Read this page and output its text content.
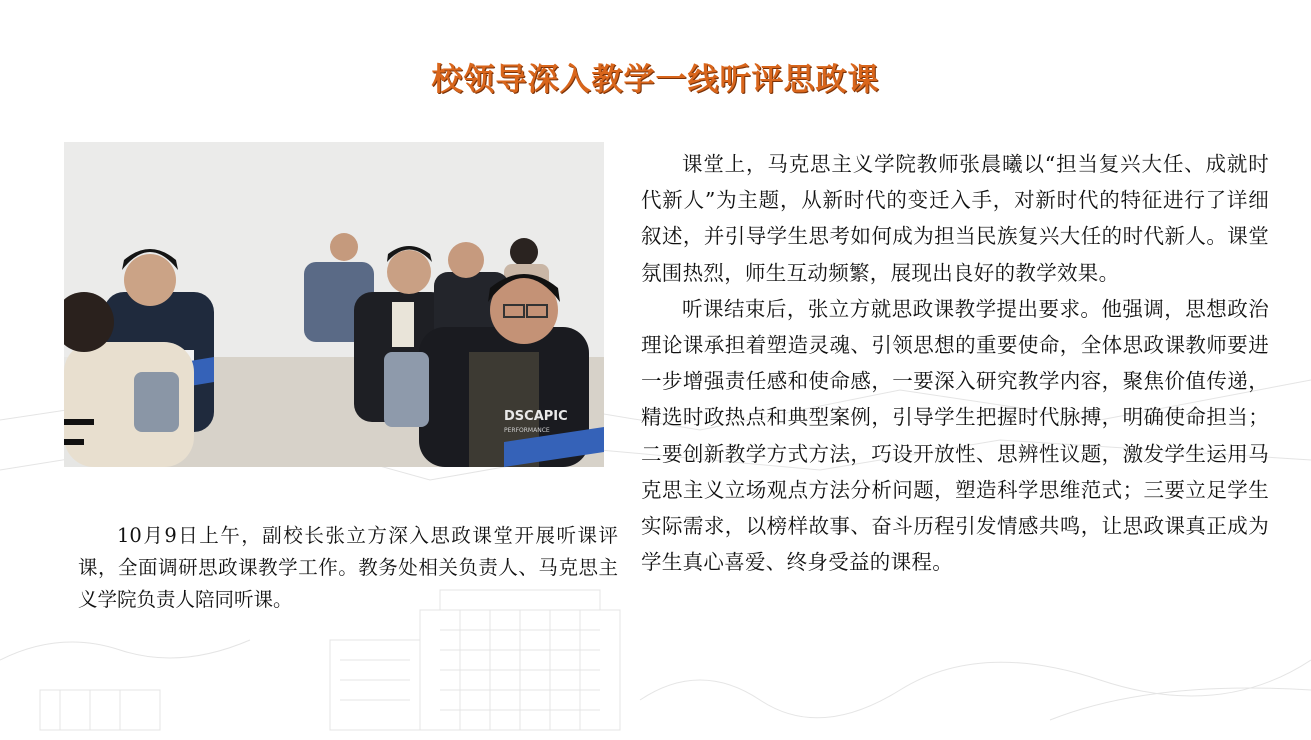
校领导深入教学一线听评思政课
DSCAPIC
PERFORMANCE
10月9日上午，副校长张立方深入思政课堂开展听课评课，全面调研思政课教学工作。教务处相关负责人、马克思主义学院负责人陪同听课。

课堂上，马克思主义学院教师张晨曦以“担当复兴大任、成就时代新人”为主题，从新时代的变迁入手，对新时代的特征进行了详细叙述，并引导学生思考如何成为担当民族复兴大任的时代新人。课堂氛围热烈，师生互动频繁，展现出良好的教学效果。

听课结束后，张立方就思政课教学提出要求。他强调，思想政治理论课承担着塑造灵魂、引领思想的重要使命，全体思政课教师要进一步增强责任感和使命感，一要深入研究教学内容，聚焦价值传递，精选时政热点和典型案例，引导学生把握时代脉搏，明确使命担当；二要创新教学方式方法，巧设开放性、思辨性议题，激发学生运用马克思主义立场观点方法分析问题，塑造科学思维范式；三要立足学生实际需求，以榜样故事、奋斗历程引发情感共鸣，让思政课真正成为学生真心喜爱、终身受益的课程。
